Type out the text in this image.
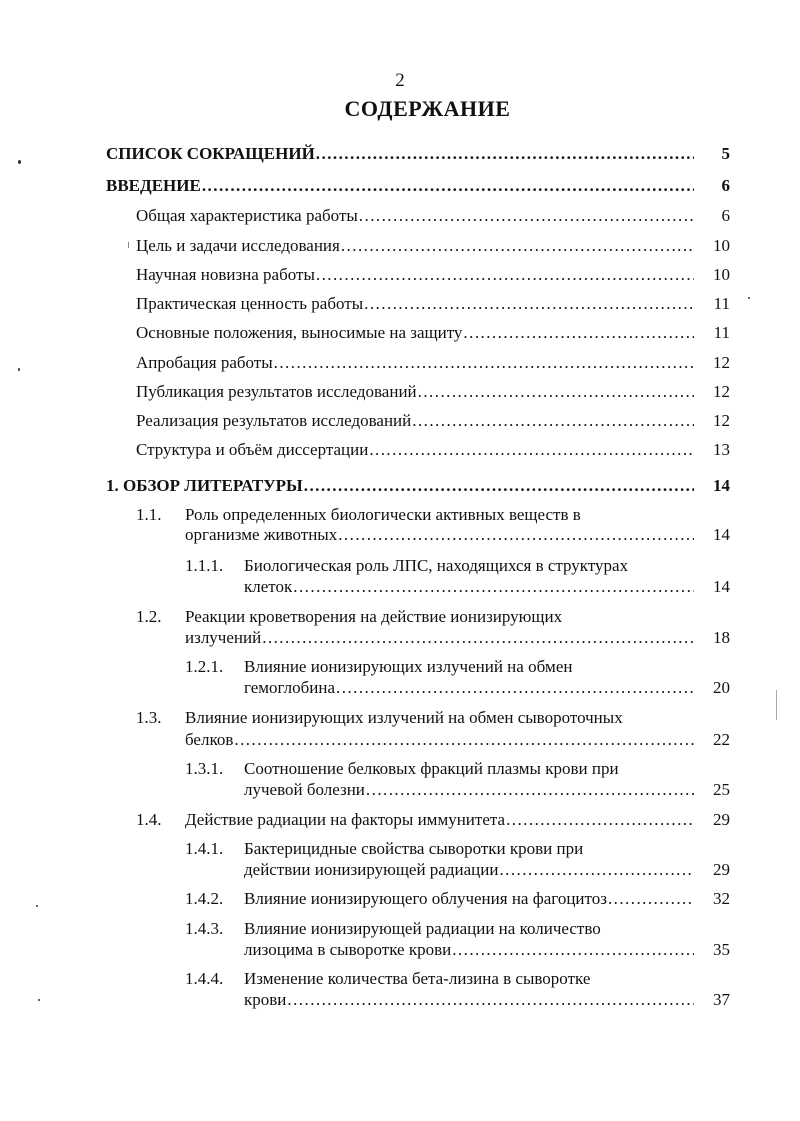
2
СОДЕРЖАНИЕ
СПИСОК СОКРАЩЕНИЙ . . .	5
ВВЕДЕНИЕ . . .	6
Общая характеристика работы . . .	6
Цель и задачи исследования . . .	10
Научная новизна работы . . .	10
Практическая ценность работы . . .	11
Основные положения, выносимые на защиту . . .	11
Апробация работы . . .	12
Публикация результатов исследований . . .	12
Реализация результатов исследований . . .	12
Структура и объём диссертации . . .	13
1. ОБЗОР ЛИТЕРАТУРЫ . . .	14
1.1. Роль определенных биологически активных веществ в
организме животных . . .	14
1.1.1. Биологическая роль ЛПС, находящихся в структурах
клеток . . .	14
1.2. Реакции кроветворения на действие ионизирующих
излучений . . .	18
1.2.1. Влияние ионизирующих излучений на обмен
гемоглобина . . .	20
1.3. Влияние ионизирующих излучений на обмен сывороточных
белков . . .	22
1.3.1. Соотношение белковых фракций плазмы крови при
лучевой болезни . . .	25
1.4. Действие радиации на факторы иммунитета . . .	29
1.4.1. Бактерицидные свойства сыворотки крови при
действии ионизирующей радиации . . .	29
1.4.2. Влияние ионизирующего облучения на фагоцитоз . . .	32
1.4.3. Влияние ионизирующей радиации на количество
лизоцима в сыворотке крови . . .	35
1.4.4. Изменение количества бета-лизина в сыворотке
крови . . .	37
